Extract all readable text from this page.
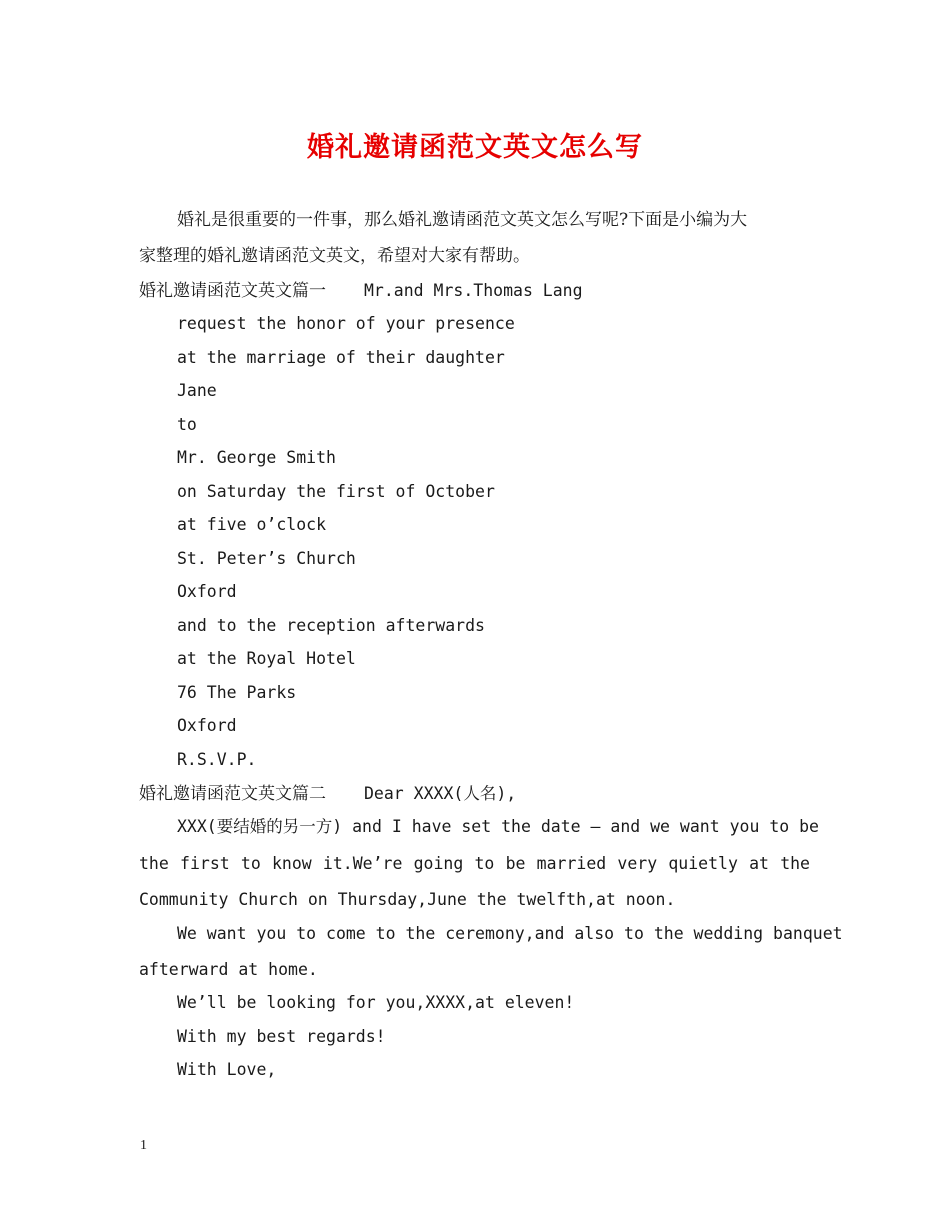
婚礼邀请函范文英文怎么写
婚礼是很重要的一件事，那么婚礼邀请函范文英文怎么写呢?下面是小编为大
家整理的婚礼邀请函范文英文，希望对大家有帮助。
婚礼邀请函范文英文篇一 Mr.and Mrs.Thomas Lang
request the honor of your presence
at the marriage of their daughter
Jane
to
Mr. George Smith
on Saturday the first of October
at five o’clock
St. Peter’s Church
Oxford
and to the reception afterwards
at the Royal Hotel
76 The Parks
Oxford
R.S.V.P.
婚礼邀请函范文英文篇二 Dear XXXX(人名),
XXX(要结婚的另一方) and I have set the date — and we want you to be
the first to know it.We’re going to be married very quietly at the
Community Church on Thursday,June the twelfth,at noon.
We want you to come to the ceremony,and also to the wedding banquet
afterward at home.
We’ll be looking for you,XXXX,at eleven!
With my best regards!
With Love,
1
